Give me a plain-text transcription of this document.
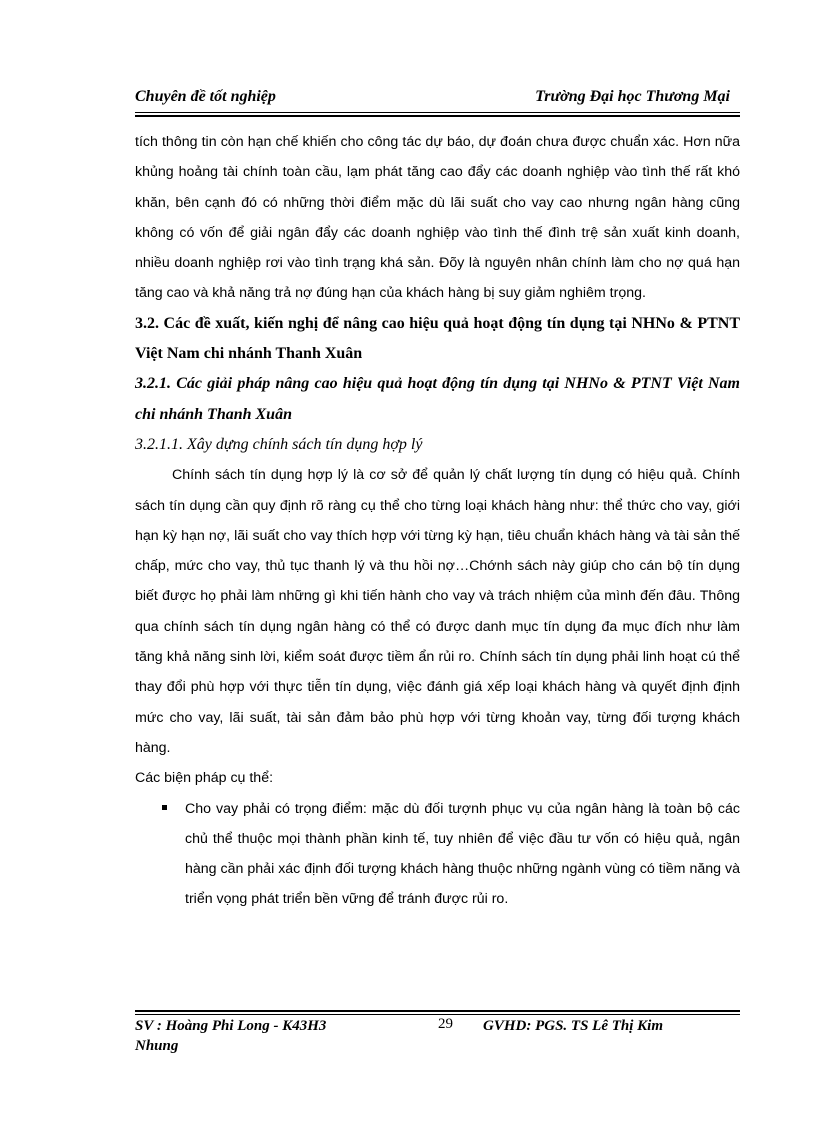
Chuyên đề tốt nghiệp	Trường Đại học Thương Mại

tích thông tin còn hạn chế khiến cho công tác dự báo, dự đoán chưa được chuẩn xác. Hơn nữa khủng hoảng tài chính toàn cầu, lạm phát tăng cao đẩy các doanh nghiệp vào tình thế rất khó khăn, bên cạnh đó có những thời điểm mặc dù lãi suất cho vay cao nhưng ngân hàng cũng không có vốn để giải ngân đẩy các doanh nghiệp vào tình thế đình trệ sản xuất kinh doanh, nhiều doanh nghiệp rơi vào tình trạng khá sản. Đõy là nguyên nhân chính làm cho nợ quá hạn tăng cao và khả năng trả nợ đúng hạn của khách hàng bị suy giảm nghiêm trọng.

3.2. Các đề xuất, kiến nghị để nâng cao hiệu quả hoạt động tín dụng tại NHNo & PTNT Việt Nam chi nhánh Thanh Xuân

3.2.1. Các giải pháp nâng cao hiệu quả hoạt động tín dụng tại NHNo & PTNT Việt Nam chi nhánh Thanh Xuân

3.2.1.1. Xây dựng chính sách tín dụng hợp lý

Chính sách tín dụng hợp lý là cơ sở để quản lý chất lượng tín dụng có hiệu quả. Chính sách tín dụng cần quy định rõ ràng cụ thể cho từng loại khách hàng như: thể thức cho vay, giới hạn kỳ hạn nợ, lãi suất cho vay thích hợp với từng kỳ hạn, tiêu chuẩn khách hàng và tài sản thế chấp, mức cho vay, thủ tục thanh lý và thu hồi nợ…Chớnh sách này giúp cho cán bộ tín dụng biết được họ phải làm những gì khi tiến hành cho vay và trách nhiệm của mình đến đâu. Thông qua chính sách tín dụng ngân hàng có thể có được danh mục tín dụng đa mục đích như làm tăng khả năng sinh lời, kiểm soát được tiềm ẩn rủi ro. Chính sách tín dụng phải linh hoạt cú thể thay đổi phù hợp với thực tiễn tín dụng, việc đánh giá xếp loại khách hàng và quyết định định mức cho vay, lãi suất, tài sản đảm bảo phù hợp với từng khoản vay, từng đối tượng khách hàng.

Các biện pháp cụ thể:

Cho vay phải có trọng điểm: mặc dù đối tượnh phục vụ của ngân hàng là toàn bộ các chủ thể thuộc mọi thành phần kinh tế, tuy nhiên để việc đầu tư vốn có hiệu quả, ngân hàng cần phải xác định đối tượng khách hàng thuộc những ngành vùng có tiềm năng và triển vọng phát triển bền vững để tránh được rủi ro.

SV : Hoàng Phi Long - K43H3	29 GVHD: PGS. TS Lê Thị Kim
Nhung
